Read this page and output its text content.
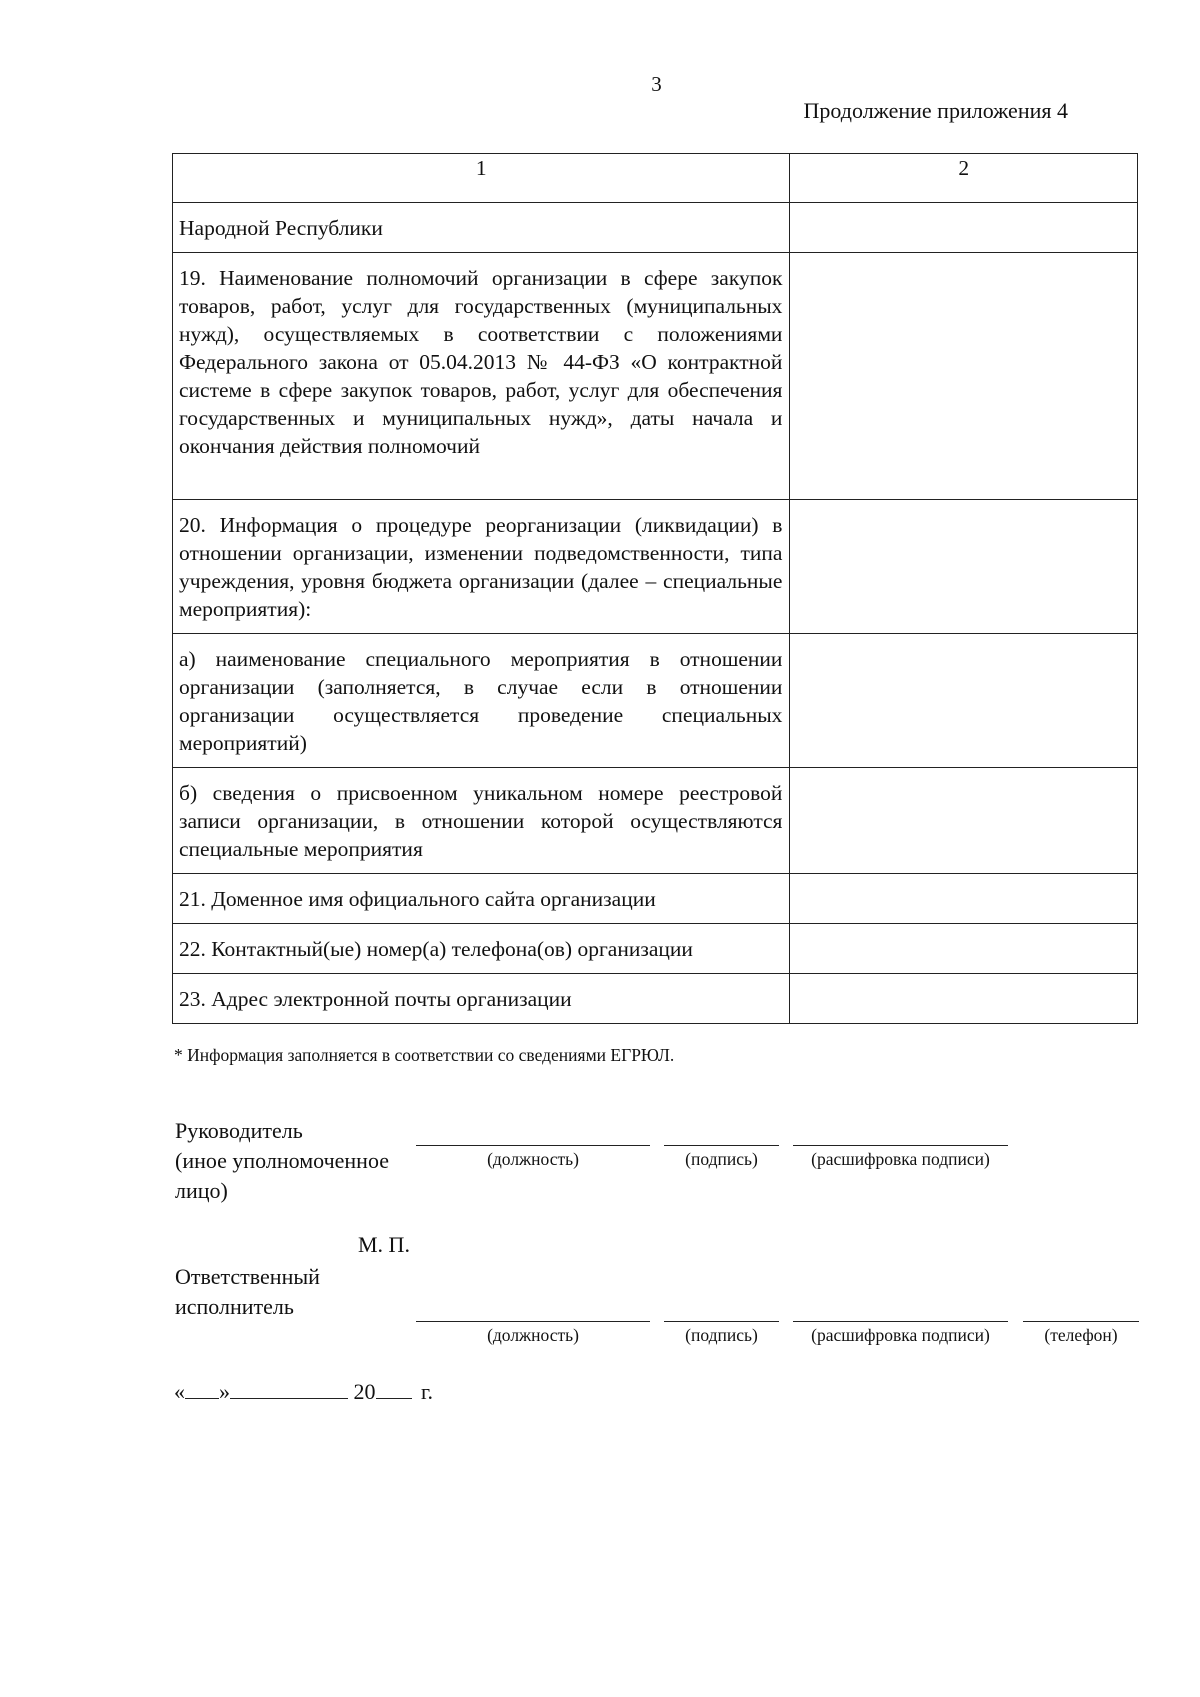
3
Продолжение приложения 4
1	2

Народной Республики	

19. Наименование полномочий организации в сфере закупок товаров, работ, услуг для государственных (муниципальных нужд), осуществляемых в соответствии с положениями Федерального закона от 05.04.2013 № 44-ФЗ «О контрактной системе в сфере закупок товаров, работ, услуг для обеспечения государственных и муниципальных нужд», даты начала и окончания действия полномочий	

20. Информация о процедуре реорганизации (ликвидации) в отношении организации, изменении подведомственности, типа учреждения, уровня бюджета организации (далее – специальные мероприятия):	

а) наименование специального мероприятия в отношении организации (заполняется, в случае если в отношении организации осуществляется проведение специальных мероприятий)	

б) сведения о присвоенном уникальном номере реестровой записи организации, в отношении которой осуществляются специальные мероприятия	

21. Доменное имя официального сайта организации	

22. Контактный(ые) номер(а) телефона(ов) организации	

23. Адрес электронной почты организации	

* Информация заполняется в соответствии со сведениями ЕГРЮЛ.
Руководитель
(иное уполномоченное
лицо)
(должность)	(подпись)	(расшифровка подписи)
М. П.
Ответственный
исполнитель
(должность)	(подпись)	(расшифровка подписи)	(телефон)
« »	20 г.
